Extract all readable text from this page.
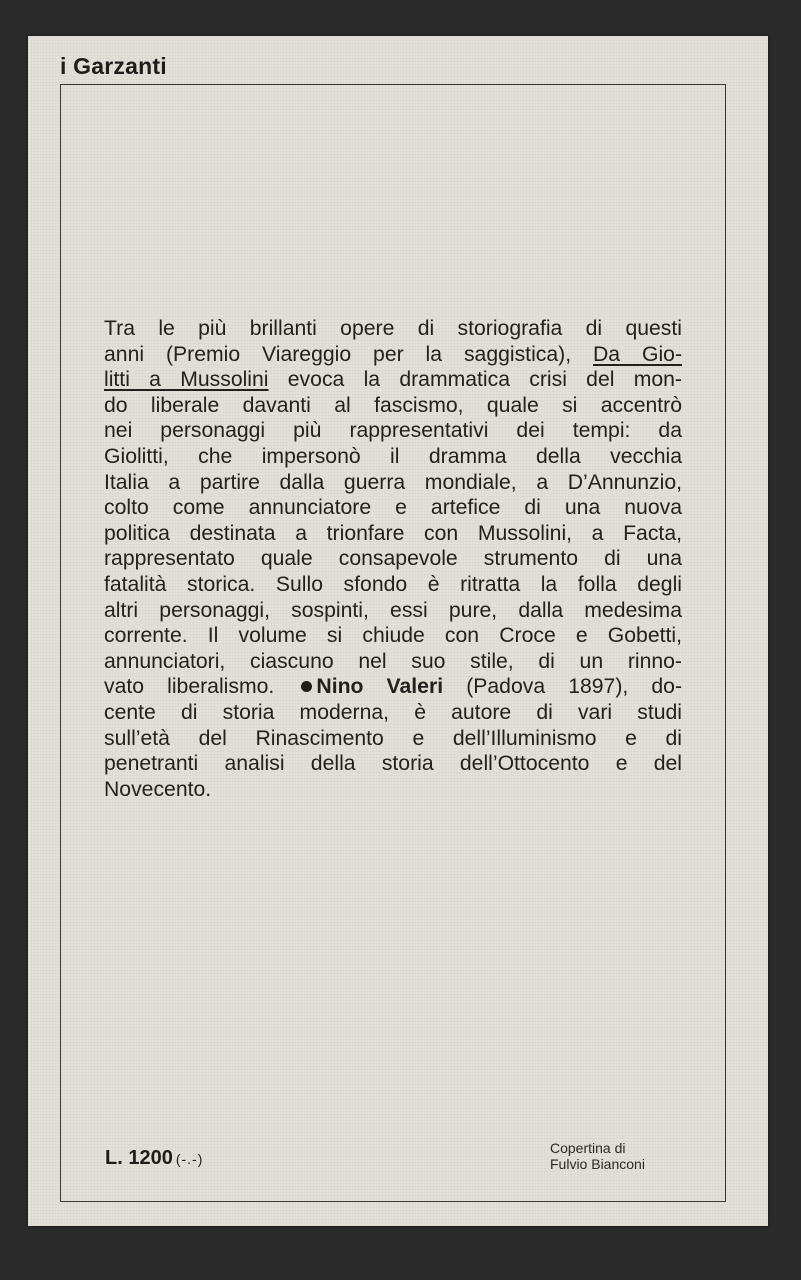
i Garzanti

Tra le più brillanti opere di storiografia di questi
anni (Premio Viareggio per la saggistica), Da Gio-
litti a Mussolini evoca la drammatica crisi del mon-
do liberale davanti al fascismo, quale si accentrò
nei personaggi più rappresentativi dei tempi: da
Giolitti, che impersonò il dramma della vecchia
Italia a partire dalla guerra mondiale, a D’Annunzio,
colto come annunciatore e artefice di una nuova
politica destinata a trionfare con Mussolini, a Facta,
rappresentato quale consapevole strumento di una
fatalità storica. Sullo sfondo è ritratta la folla degli
altri personaggi, sospinti, essi pure, dalla medesima
corrente. Il volume si chiude con Croce e Gobetti,
annunciatori, ciascuno nel suo stile, di un rinno-
vato liberalismo. Nino Valeri (Padova 1897), do-
cente di storia moderna, è autore di vari studi
sull’età del Rinascimento e dell’Illuminismo e di
penetranti analisi della storia dell’Ottocento e del
Novecento.

L. 1200 (-.-)
Copertina di
Fulvio Bianconi
